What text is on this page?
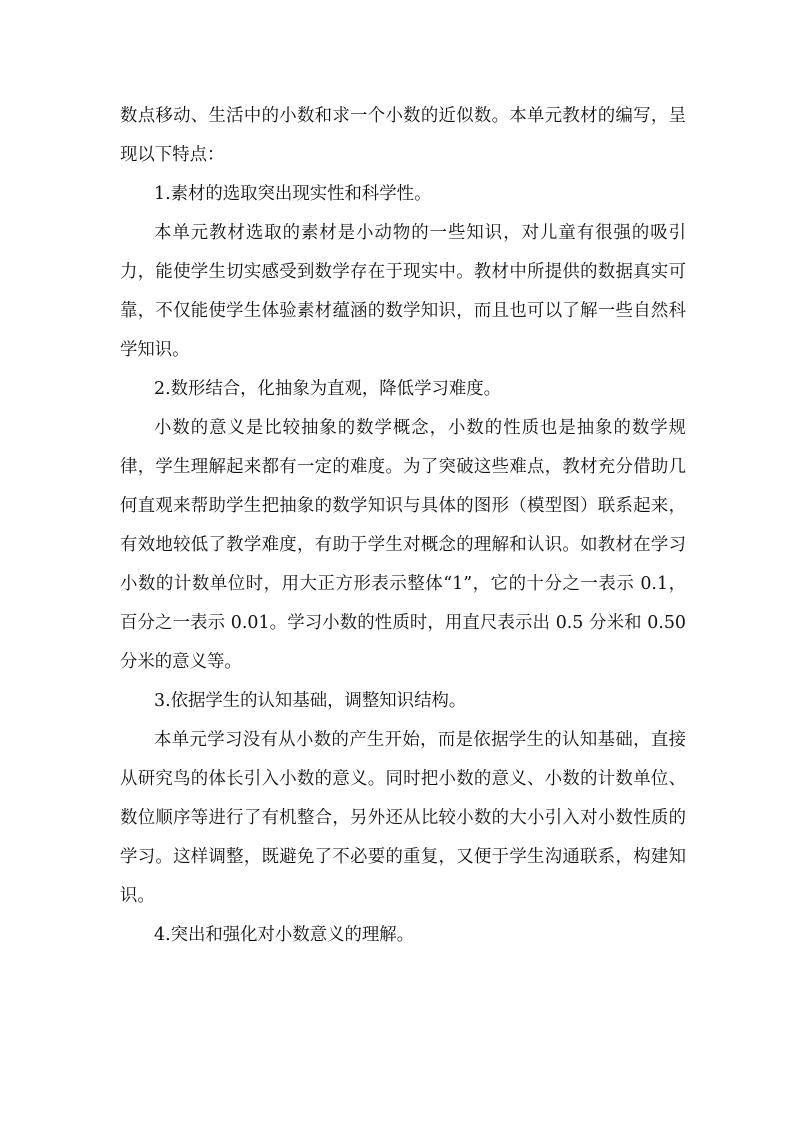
数点移动、生活中的小数和求一个小数的近似数。本单元教材的编写，呈现以下特点：

1.素材的选取突出现实性和科学性。

本单元教材选取的素材是小动物的一些知识，对儿童有很强的吸引力，能使学生切实感受到数学存在于现实中。教材中所提供的数据真实可靠，不仅能使学生体验素材蕴涵的数学知识，而且也可以了解一些自然科学知识。

2.数形结合，化抽象为直观，降低学习难度。

小数的意义是比较抽象的数学概念，小数的性质也是抽象的数学规律，学生理解起来都有一定的难度。为了突破这些难点，教材充分借助几何直观来帮助学生把抽象的数学知识与具体的图形（模型图）联系起来，有效地较低了教学难度，有助于学生对概念的理解和认识。如教材在学习小数的计数单位时，用大正方形表示整体“1”，它的十分之一表示 0.1，百分之一表示 0.01。学习小数的性质时，用直尺表示出 0.5 分米和 0.50 分米的意义等。

3.依据学生的认知基础，调整知识结构。

本单元学习没有从小数的产生开始，而是依据学生的认知基础，直接从研究鸟的体长引入小数的意义。同时把小数的意义、小数的计数单位、数位顺序等进行了有机整合，另外还从比较小数的大小引入对小数性质的学习。这样调整，既避免了不必要的重复，又便于学生沟通联系，构建知识。

4.突出和强化对小数意义的理解。
